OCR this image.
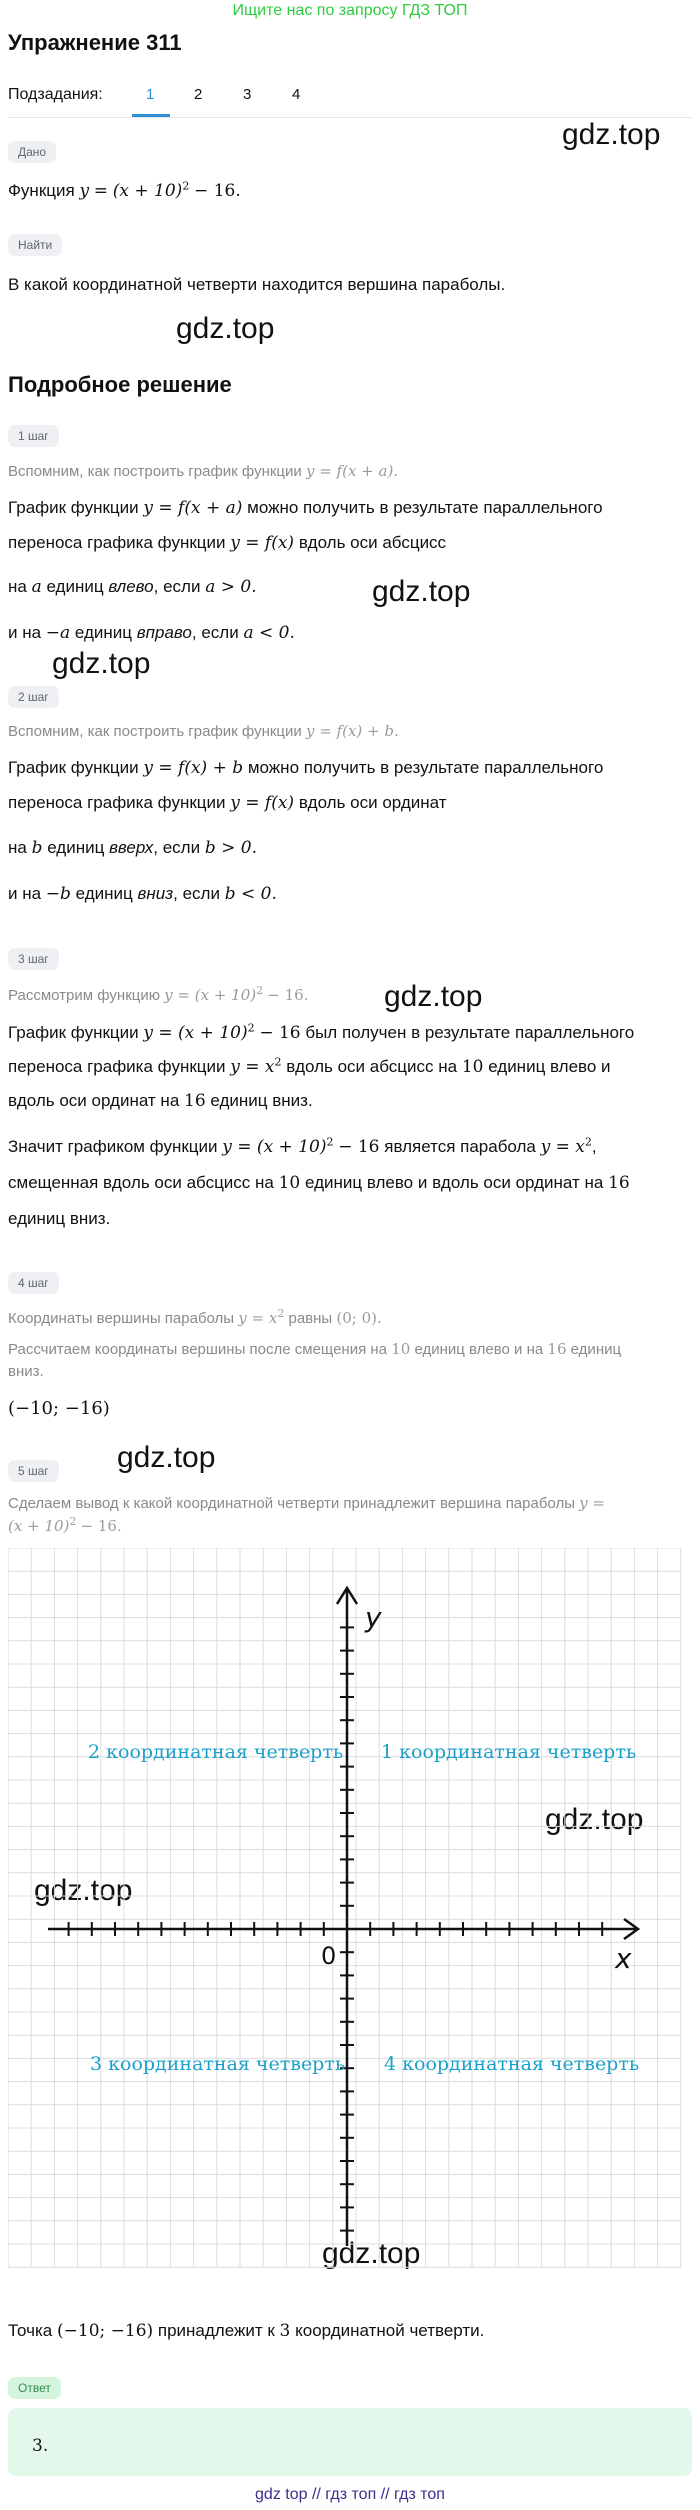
Ищите нас по запросу ГДЗ ТОП
Упражнение 311
Подзадания:	1	2	3	4
gdz.top
gdz.top
gdz.top
gdz.top
gdz.top
gdz.top
gdz.top
gdz.top
gdz.top
Дано
Функция $y = (x + 10)^2 - 16$.
Найти
В какой координатной четверти находится вершина параболы.
Подробное решение
1 шаг
Вспомним, как построить график функции y = f(x + a).
График функции y = f(x + a) можно получить в результате параллельного
переноса графика функции y = f(x) вдоль оси абсцисс
на a единиц влево, если a > 0.
и на −a единиц вправо, если a < 0.
2 шаг
Вспомним, как построить график функции y = f(x) + b.
График функции y = f(x) + b можно получить в результате параллельного
переноса графика функции y = f(x) вдоль оси ординат
на b единиц вверх, если b > 0.
и на −b единиц вниз, если b < 0.
3 шаг
Рассмотрим функцию $y = (x + 10)^2 - 16$.
График функции $y = (x + 10)^2 - 16$ был получен в результате параллельного
переноса графика функции $y = x^2$ вдоль оси абсцисс на 10 единиц влево и
вдоль оси ординат на 16 единиц вниз.
Значит графиком функции $y = (x + 10)^2 - 16$ является парабола $y = x^2$,
смещенная вдоль оси абсцисс на 10 единиц влево и вдоль оси ординат на 16
единиц вниз.
4 шаг
Координаты вершины параболы $y = x^2$ равны (0; 0).
Рассчитаем координаты вершины после смещения на 10 единиц влево и на 16 единиц
вниз.
(−10; −16)
5 шаг
Сделаем вывод к какой координатной четверти принадлежит вершина параболы y =
$(x + 10)^2 - 16$.
y
x
0
2 координатная четверть 1 координатная четверть
3 координатная четверть 4 координатная четверть
Точка (−10; −16) принадлежит к 3 координатной четверти.
Ответ
3.
gdz top // гдз топ // гдз топ
